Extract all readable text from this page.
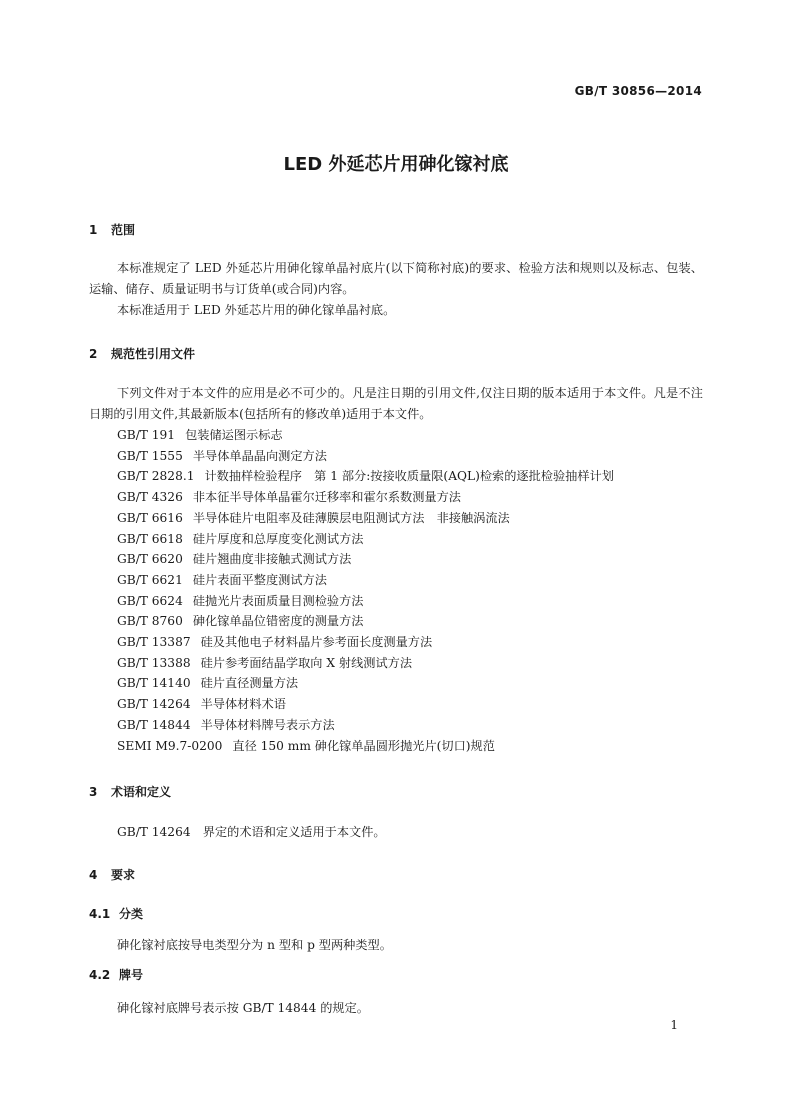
GB/T 30856—2014
LED 外延芯片用砷化镓衬底
1 范围

本标准规定了 LED 外延芯片用砷化镓单晶衬底片(以下简称衬底)的要求、检验方法和规则以及标志、包装、运输、储存、质量证明书与订货单(或合同)内容。

本标准适用于 LED 外延芯片用的砷化镓单晶衬底。

2 规范性引用文件

下列文件对于本文件的应用是必不可少的。凡是注日期的引用文件,仅注日期的版本适用于本文件。凡是不注日期的引用文件,其最新版本(包括所有的修改单)适用于本文件。

GB/T 191 包装储运图示标志
GB/T 1555 半导体单晶晶向测定方法
GB/T 2828.1 计数抽样检验程序　第 1 部分:按接收质量限(AQL)检索的逐批检验抽样计划
GB/T 4326 非本征半导体单晶霍尔迁移率和霍尔系数测量方法
GB/T 6616 半导体硅片电阻率及硅薄膜层电阻测试方法　非接触涡流法
GB/T 6618 硅片厚度和总厚度变化测试方法
GB/T 6620 硅片翘曲度非接触式测试方法
GB/T 6621 硅片表面平整度测试方法
GB/T 6624 硅抛光片表面质量目测检验方法
GB/T 8760 砷化镓单晶位错密度的测量方法
GB/T 13387 硅及其他电子材料晶片参考面长度测量方法
GB/T 13388 硅片参考面结晶学取向 X 射线测试方法
GB/T 14140 硅片直径测量方法
GB/T 14264 半导体材料术语
GB/T 14844 半导体材料牌号表示方法
SEMI M9.7-0200 直径 150 mm 砷化镓单晶圆形抛光片(切口)规范
3 术语和定义
GB/T 14264　界定的术语和定义适用于本文件。
4 要求
4.1 分类
砷化镓衬底按导电类型分为 n 型和 p 型两种类型。
4.2 牌号
砷化镓衬底牌号表示按 GB/T 14844 的规定。
1
